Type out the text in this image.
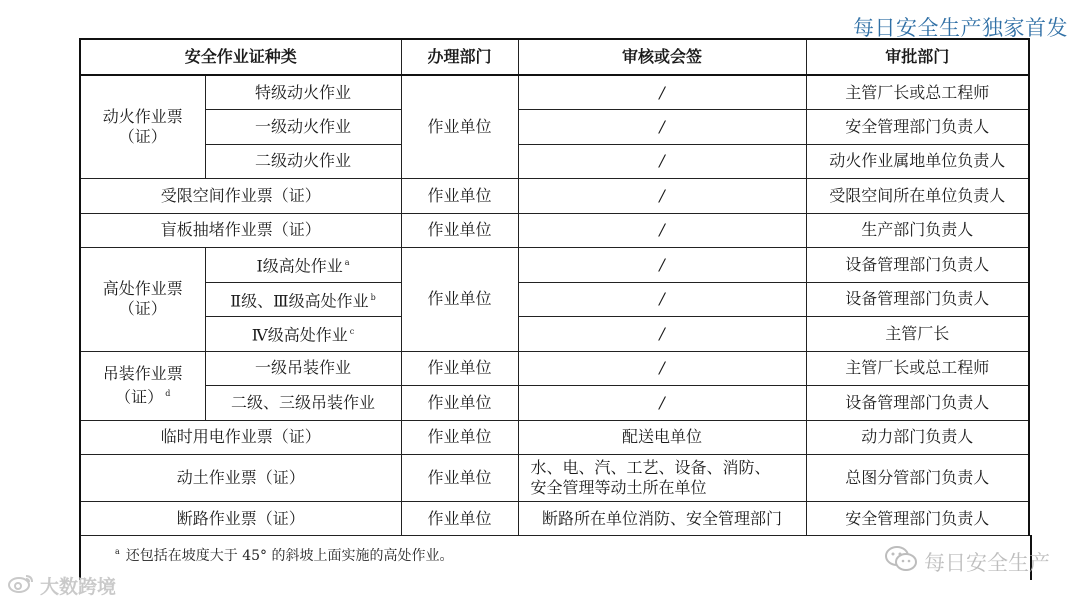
每日安全生产独家首发
安全作业证种类		办理部门	审核或会签	审批部门

动火作业票
（证）	特级动火作业	作业单位	/	主管厂长或总工程师
	一级动火作业		/	安全管理部门负责人
	二级动火作业		/	动火作业属地单位负责人
受限空间作业票（证）		作业单位	/	受限空间所在单位负责人
盲板抽堵作业票（证）		作业单位	/	生产部门负责人

高处作业票
（证）	Ⅰ级高处作业 $^a$	作业单位	/	设备管理部门负责人
	Ⅱ级、Ⅲ级高处作业 $^b$		/	设备管理部门负责人
	Ⅳ级高处作业 $^c$		/	主管厂长

吊装作业票
（证） $^d$	一级吊装作业	作业单位	/	主管厂长或总工程师
	二级、三级吊装作业	作业单位	/	设备管理部门负责人
临时用电作业票（证）		作业单位	配送电单位	动力部门负责人
动土作业票（证）		作业单位	水、电、汽、工艺、设备、消防、
安全管理等动土所在单位	总图分管部门负责人
断路作业票（证）		作业单位	断路所在单位消防、安全管理部门	安全管理部门负责人
$^a$ 还包括在坡度大于 45° 的斜坡上面实施的高处作业。
大数跨境
每日安全生产
